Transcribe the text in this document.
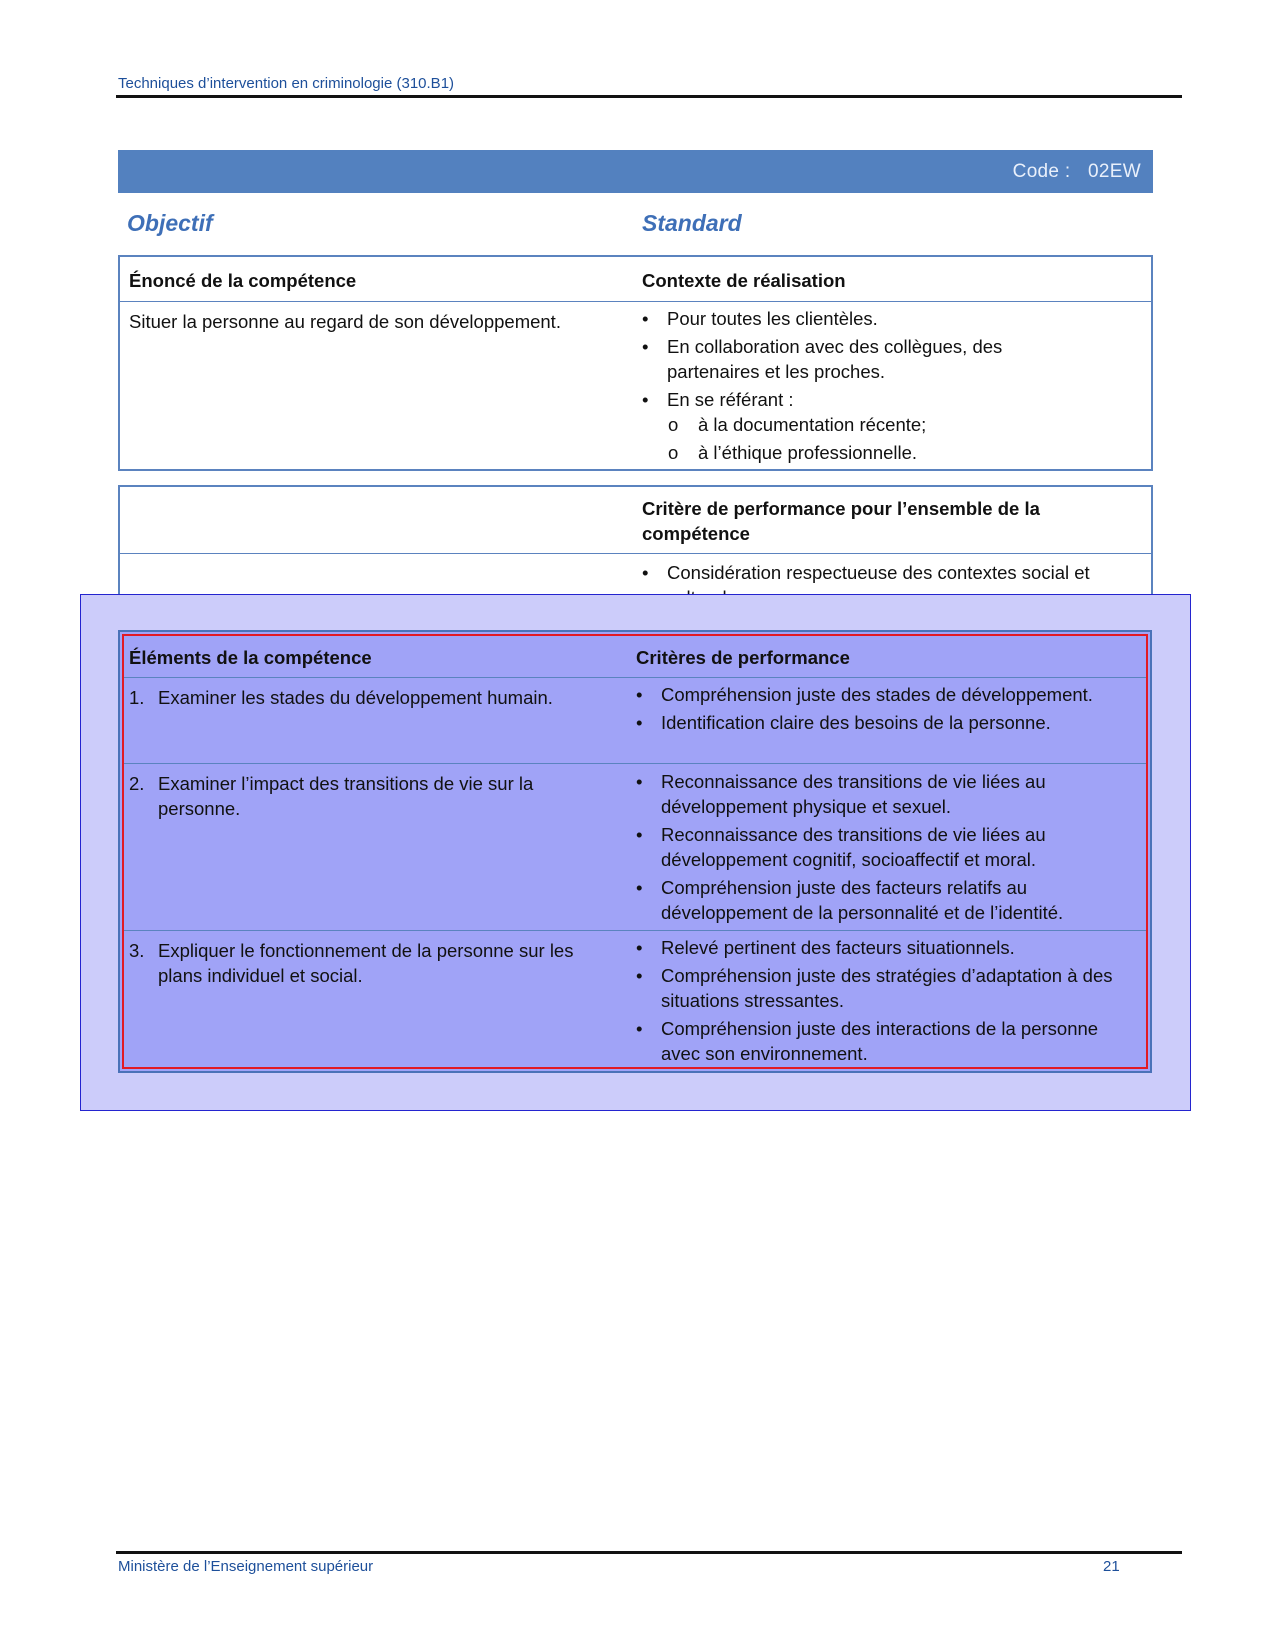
Techniques d’intervention en criminologie (310.B1)
Code : 02EW
Objectif	Standard
Énoncé de la compétence	Contexte de réalisation
Situer la personne au regard de son développement.	• Pour toutes les clientèles.
• En collaboration avec des collègues, des partenaires et les proches.
• En se référant :
o à la documentation récente;
o à l’éthique professionnelle.
Critère de performance pour l’ensemble de la compétence
• Considération respectueuse des contextes social et
Éléments de la compétence	Critères de performance
1. Examiner les stades du développement humain.	• Compréhension juste des stades de développement.
• Identification claire des besoins de la personne.
2. Examiner l’impact des transitions de vie sur la personne.
• Reconnaissance des transitions de vie liées au développement physique et sexuel.
• Reconnaissance des transitions de vie liées au développement cognitif, socioaffectif et moral.
• Compréhension juste des facteurs relatifs au développement de la personnalité et de l’identité.
3. Expliquer le fonctionnement de la personne sur les plans individuel et social.
• Relevé pertinent des facteurs situationnels.
• Compréhension juste des stratégies d’adaptation à des situations stressantes.
• Compréhension juste des interactions de la personne avec son environnement.
Ministère de l’Enseignement supérieur	21
